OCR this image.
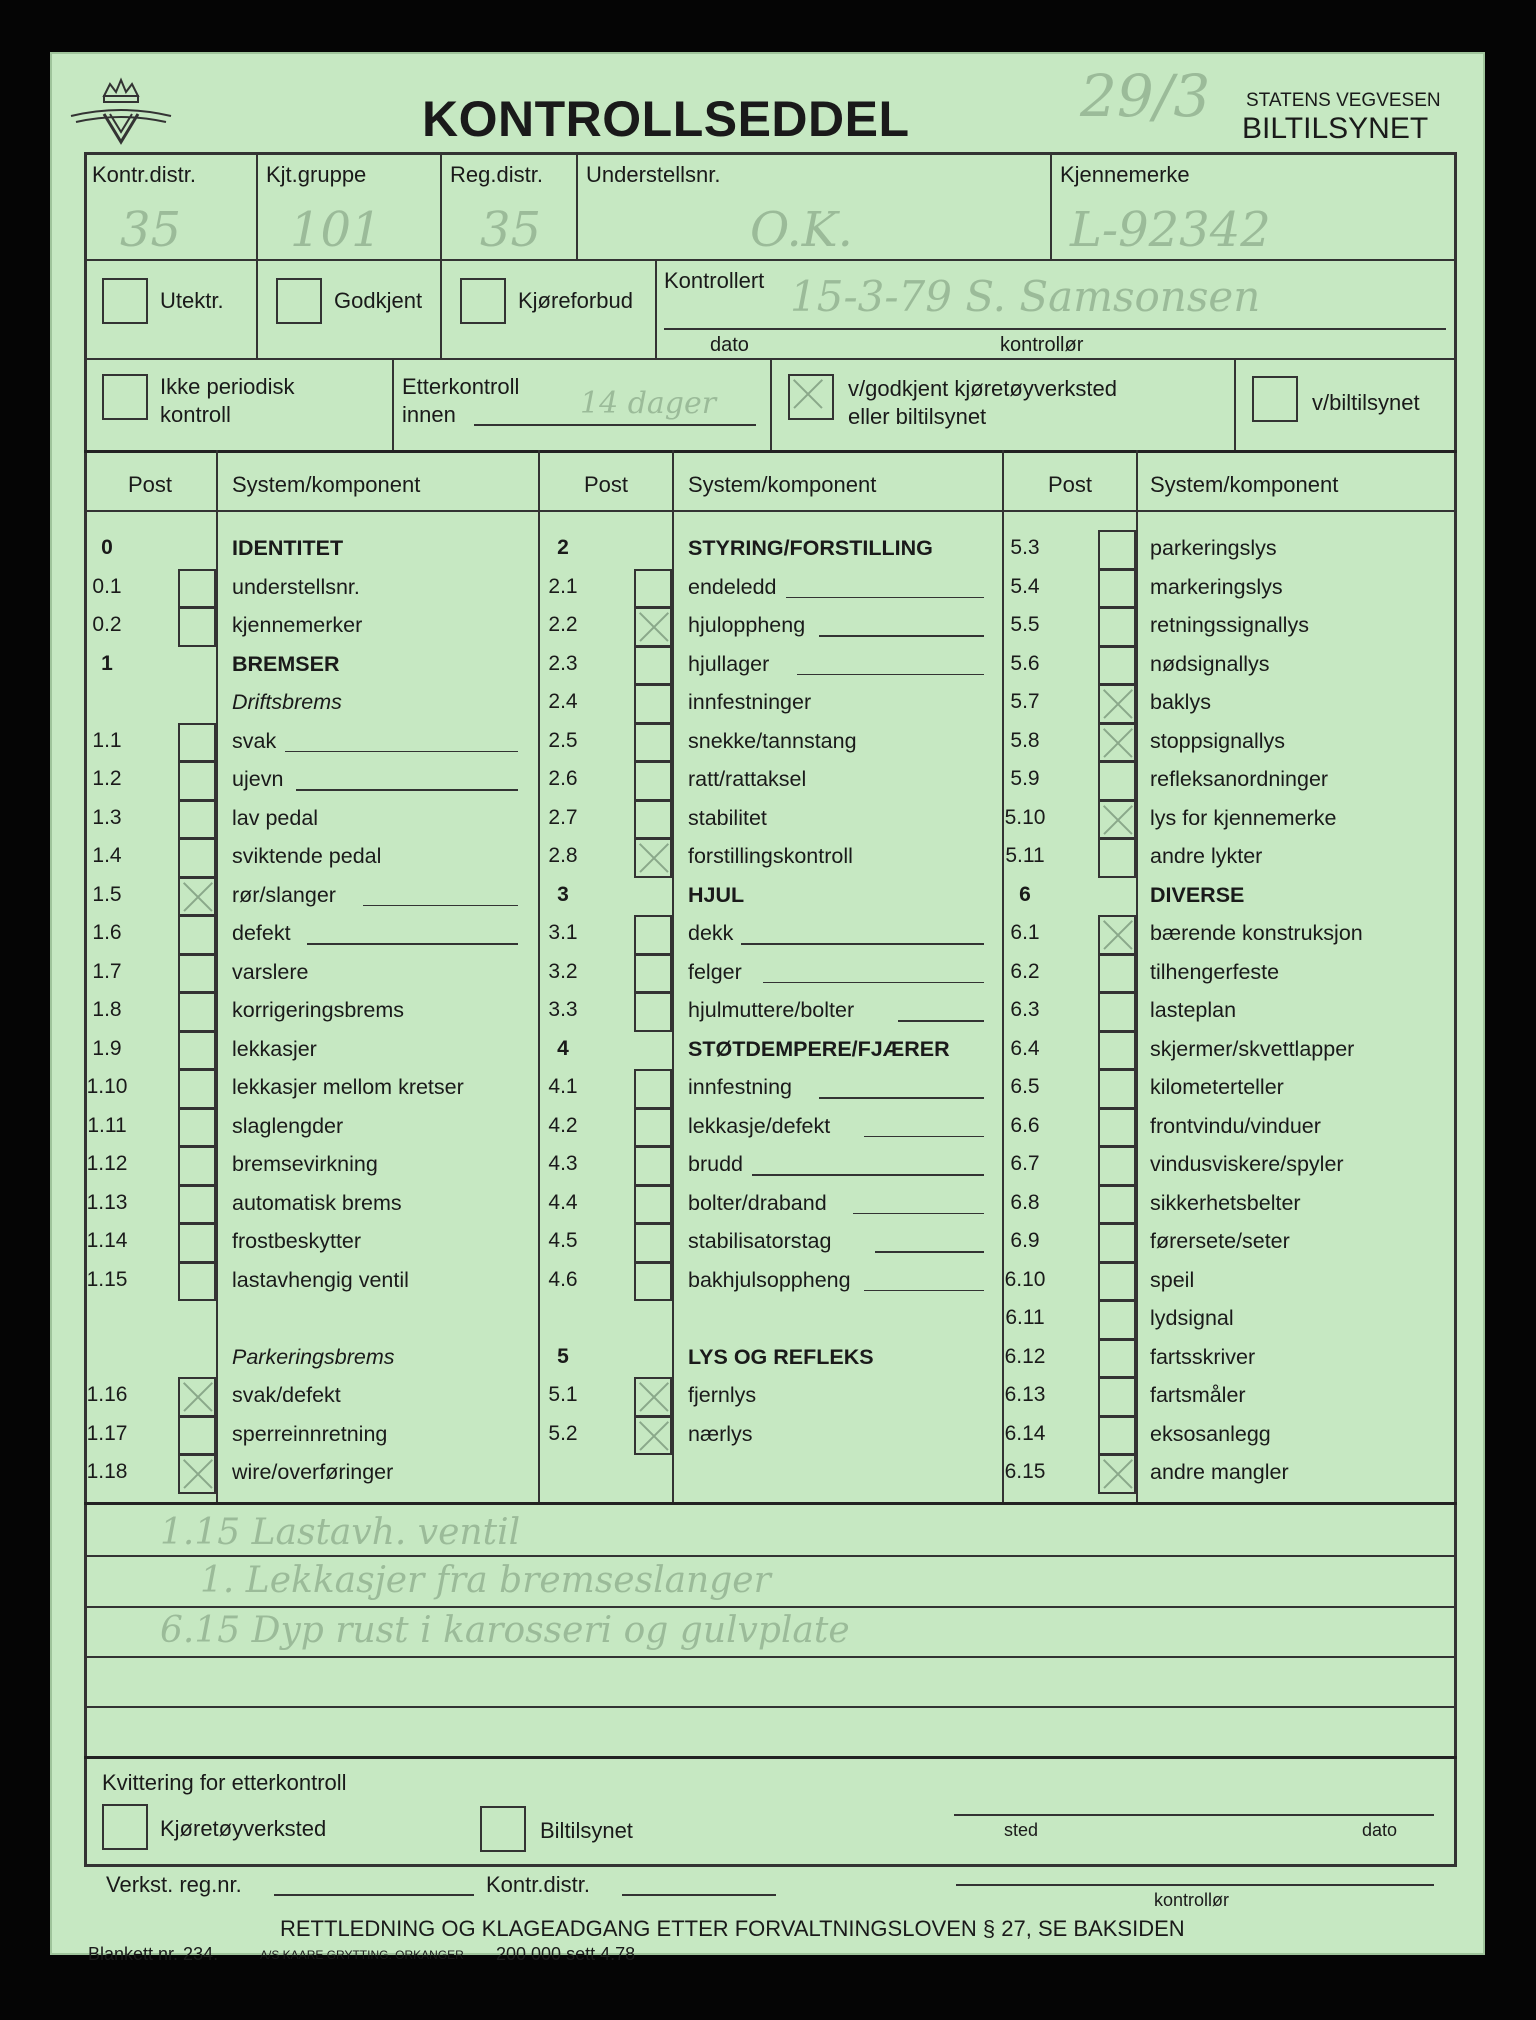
KONTROLLSEDDEL	STATENS VEGVESEN
BILTILSYNET
29/3
Kontr.distr.
35
Kjt.gruppe
101
Reg.distr.
35
Understellsnr.
O.K.
Kjennemerke
L-92342
Utektr.	Godkjent	Kjøreforbud
Kontrollert 15-3-79 S. Samsonsen
dato	kontrollør
Ikke periodisk
kontroll
Etterkontroll
innen	14 dager	v/godkjent kjøretøyverksted
eller biltilsynet
v/biltilsynet
Post	System/komponent	Post	System/komponent	Post	System/komponent
0	IDENTITET
0.1	understellsnr.
0.2	kjennemerker
1	BREMSER
Driftsbrems
1.1	svak
1.2	ujevn
1.3	lav pedal
1.4	sviktende pedal
1.5	rør/slanger
1.6	defekt
1.7	varslere
1.8	korrigeringsbrems
1.9	lekkasjer
1.10	lekkasjer mellom kretser
1.11	slaglengder
1.12	bremsevirkning
1.13	automatisk brems
1.14	frostbeskytter
1.15	lastavhengig ventil
Parkeringsbrems
1.16	svak/defekt
1.17	sperreinnretning
1.18	wire/overføringer
2	STYRING/FORSTILLING
2.1	endeledd
2.2	hjuloppheng
2.3	hjullager
2.4	innfestninger
2.5	snekke/tannstang
2.6	ratt/rattaksel
2.7	stabilitet
2.8	forstillingskontroll
3	HJUL
3.1	dekk
3.2	felger
3.3	hjulmuttere/bolter
4	STØTDEMPERE/FJÆRER
4.1	innfestning
4.2	lekkasje/defekt
4.3	brudd
4.4	bolter/draband
4.5	stabilisatorstag
4.6	bakhjulsoppheng
5	LYS OG REFLEKS
5.1	fjernlys
5.2	nærlys
5.3	parkeringslys
5.4	markeringslys
5.5	retningssignallys
5.6	nødsignallys
5.7	baklys
5.8	stoppsignallys
5.9	refleksanordninger
5.10	lys for kjennemerke
5.11	andre lykter
6	DIVERSE
6.1	bærende konstruksjon
6.2	tilhengerfeste
6.3	lasteplan
6.4	skjermer/skvettlapper
6.5	kilometerteller
6.6	frontvindu/vinduer
6.7	vindusviskere/spyler
6.8	sikkerhetsbelter
6.9	førersete/seter
6.10	speil
6.11	lydsignal
6.12	fartsskriver
6.13	fartsmåler
6.14	eksosanlegg
6.15	andre mangler
1.15 Lastavh. ventil
1. Lekkasjer fra bremseslanger
6.15 Dyp rust i karosseri og gulvplate
Kvittering for etterkontroll
Kjøretøyverksted	Biltilsynet	sted	dato
Verkst. reg.nr.	Kontr.distr.
kontrollør
RETTLEDNING OG KLAGEADGANG ETTER FORVALTNINGSLOVEN § 27, SE BAKSIDEN
Blankett nr. 234.	A/S KAARE GRYTTING. ORKANGER 200 000 sett 4.78
